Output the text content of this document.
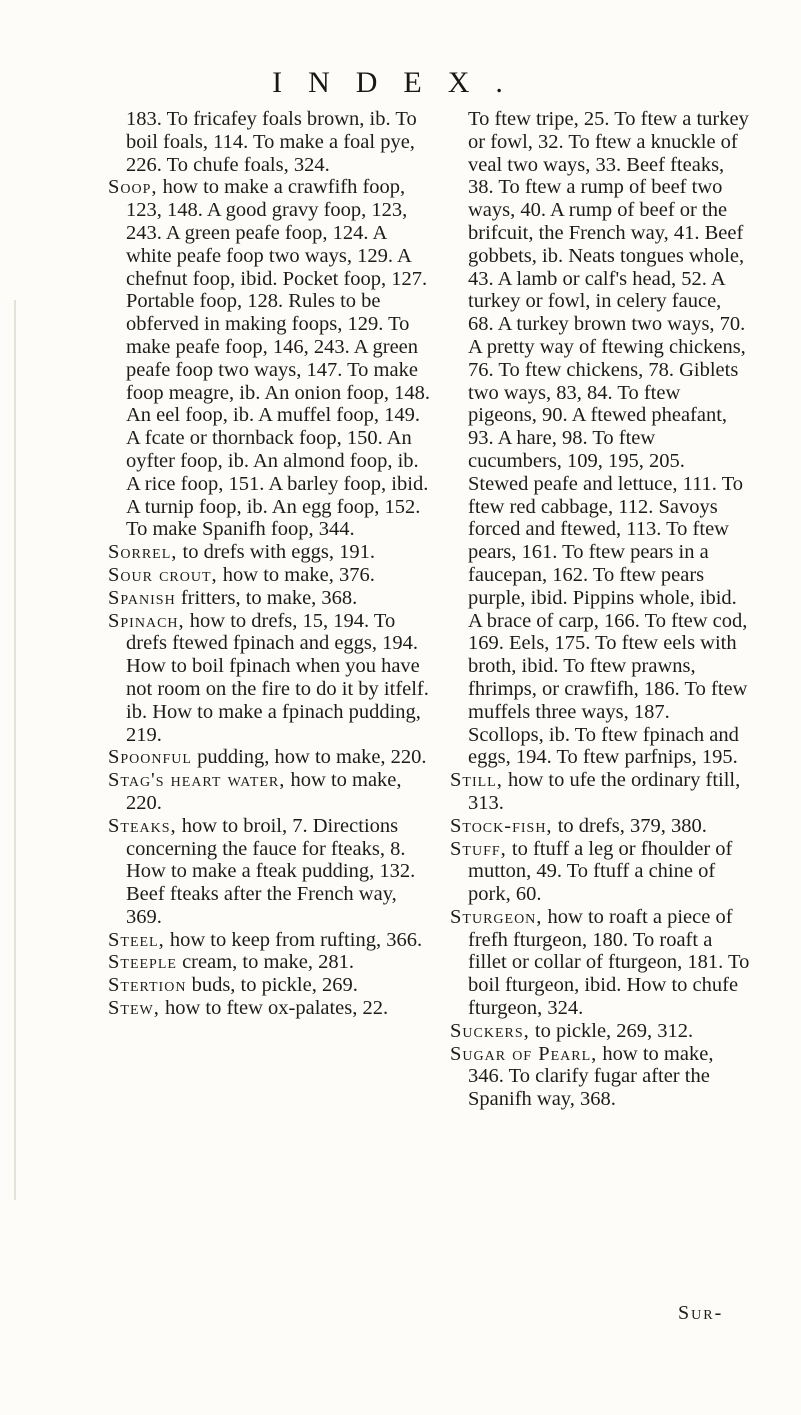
INDEX.

183. To fricafey foals brown, ib. To boil foals, 114. To make a foal pye, 226. To chufe foals, 324.

Soop, how to make a crawfifh foop, 123, 148. A good gravy foop, 123, 243. A green peafe foop, 124. A white peafe foop two ways, 129. A chefnut foop, ibid. Pocket foop, 127. Portable foop, 128. Rules to be obferved in making foops, 129. To make peafe foop, 146, 243. A green peafe foop two ways, 147. To make foop meagre, ib. An onion foop, 148. An eel foop, ib. A muffel foop, 149. A fcate or thornback foop, 150. An oyfter foop, ib. An almond foop, ib. A rice foop, 151. A barley foop, ibid. A turnip foop, ib. An egg foop, 152. To make Spanifh foop, 344.

Sorrel, to drefs with eggs, 191.

Sour crout, how to make, 376.

Spanish fritters, to make, 368.

Spinach, how to drefs, 15, 194. To drefs ftewed fpinach and eggs, 194. How to boil fpinach when you have not room on the fire to do it by itfelf. ib. How to make a fpinach pudding, 219.

Spoonful pudding, how to make, 220.

Stag's heart water, how to make, 220.

Steaks, how to broil, 7. Directions concerning the fauce for fteaks, 8. How to make a fteak pudding, 132. Beef fteaks after the French way, 369.

Steel, how to keep from rufting, 366.

Steeple cream, to make, 281.

Stertion buds, to pickle, 269.

Stew, how to ftew ox-palates, 22.

To ftew tripe, 25. To ftew a turkey or fowl, 32. To ftew a knuckle of veal two ways, 33. Beef fteaks, 38. To ftew a rump of beef two ways, 40. A rump of beef or the brifcuit, the French way, 41. Beef gobbets, ib. Neats tongues whole, 43. A lamb or calf's head, 52. A turkey or fowl, in celery fauce, 68. A turkey brown two ways, 70. A pretty way of ftewing chickens, 76. To ftew chickens, 78. Giblets two ways, 83, 84. To ftew pigeons, 90. A ftewed pheafant, 93. A hare, 98. To ftew cucumbers, 109, 195, 205. Stewed peafe and lettuce, 111. To ftew red cabbage, 112. Savoys forced and ftewed, 113. To ftew pears, 161. To ftew pears in a faucepan, 162. To ftew pears purple, ibid. Pippins whole, ibid. A brace of carp, 166. To ftew cod, 169. Eels, 175. To ftew eels with broth, ibid. To ftew prawns, fhrimps, or crawfifh, 186. To ftew muffels three ways, 187. Scollops, ib. To ftew fpinach and eggs, 194. To ftew parfnips, 195.

Still, how to ufe the ordinary ftill, 313.

Stock-fish, to drefs, 379, 380.

Stuff, to ftuff a leg or fhoulder of mutton, 49. To ftuff a chine of pork, 60.

Sturgeon, how to roaft a piece of frefh fturgeon, 180. To roaft a fillet or collar of fturgeon, 181. To boil fturgeon, ibid. How to chufe fturgeon, 324.

Suckers, to pickle, 269, 312.

Sugar of Pearl, how to make, 346. To clarify fugar after the Spanifh way, 368.

Sur-
